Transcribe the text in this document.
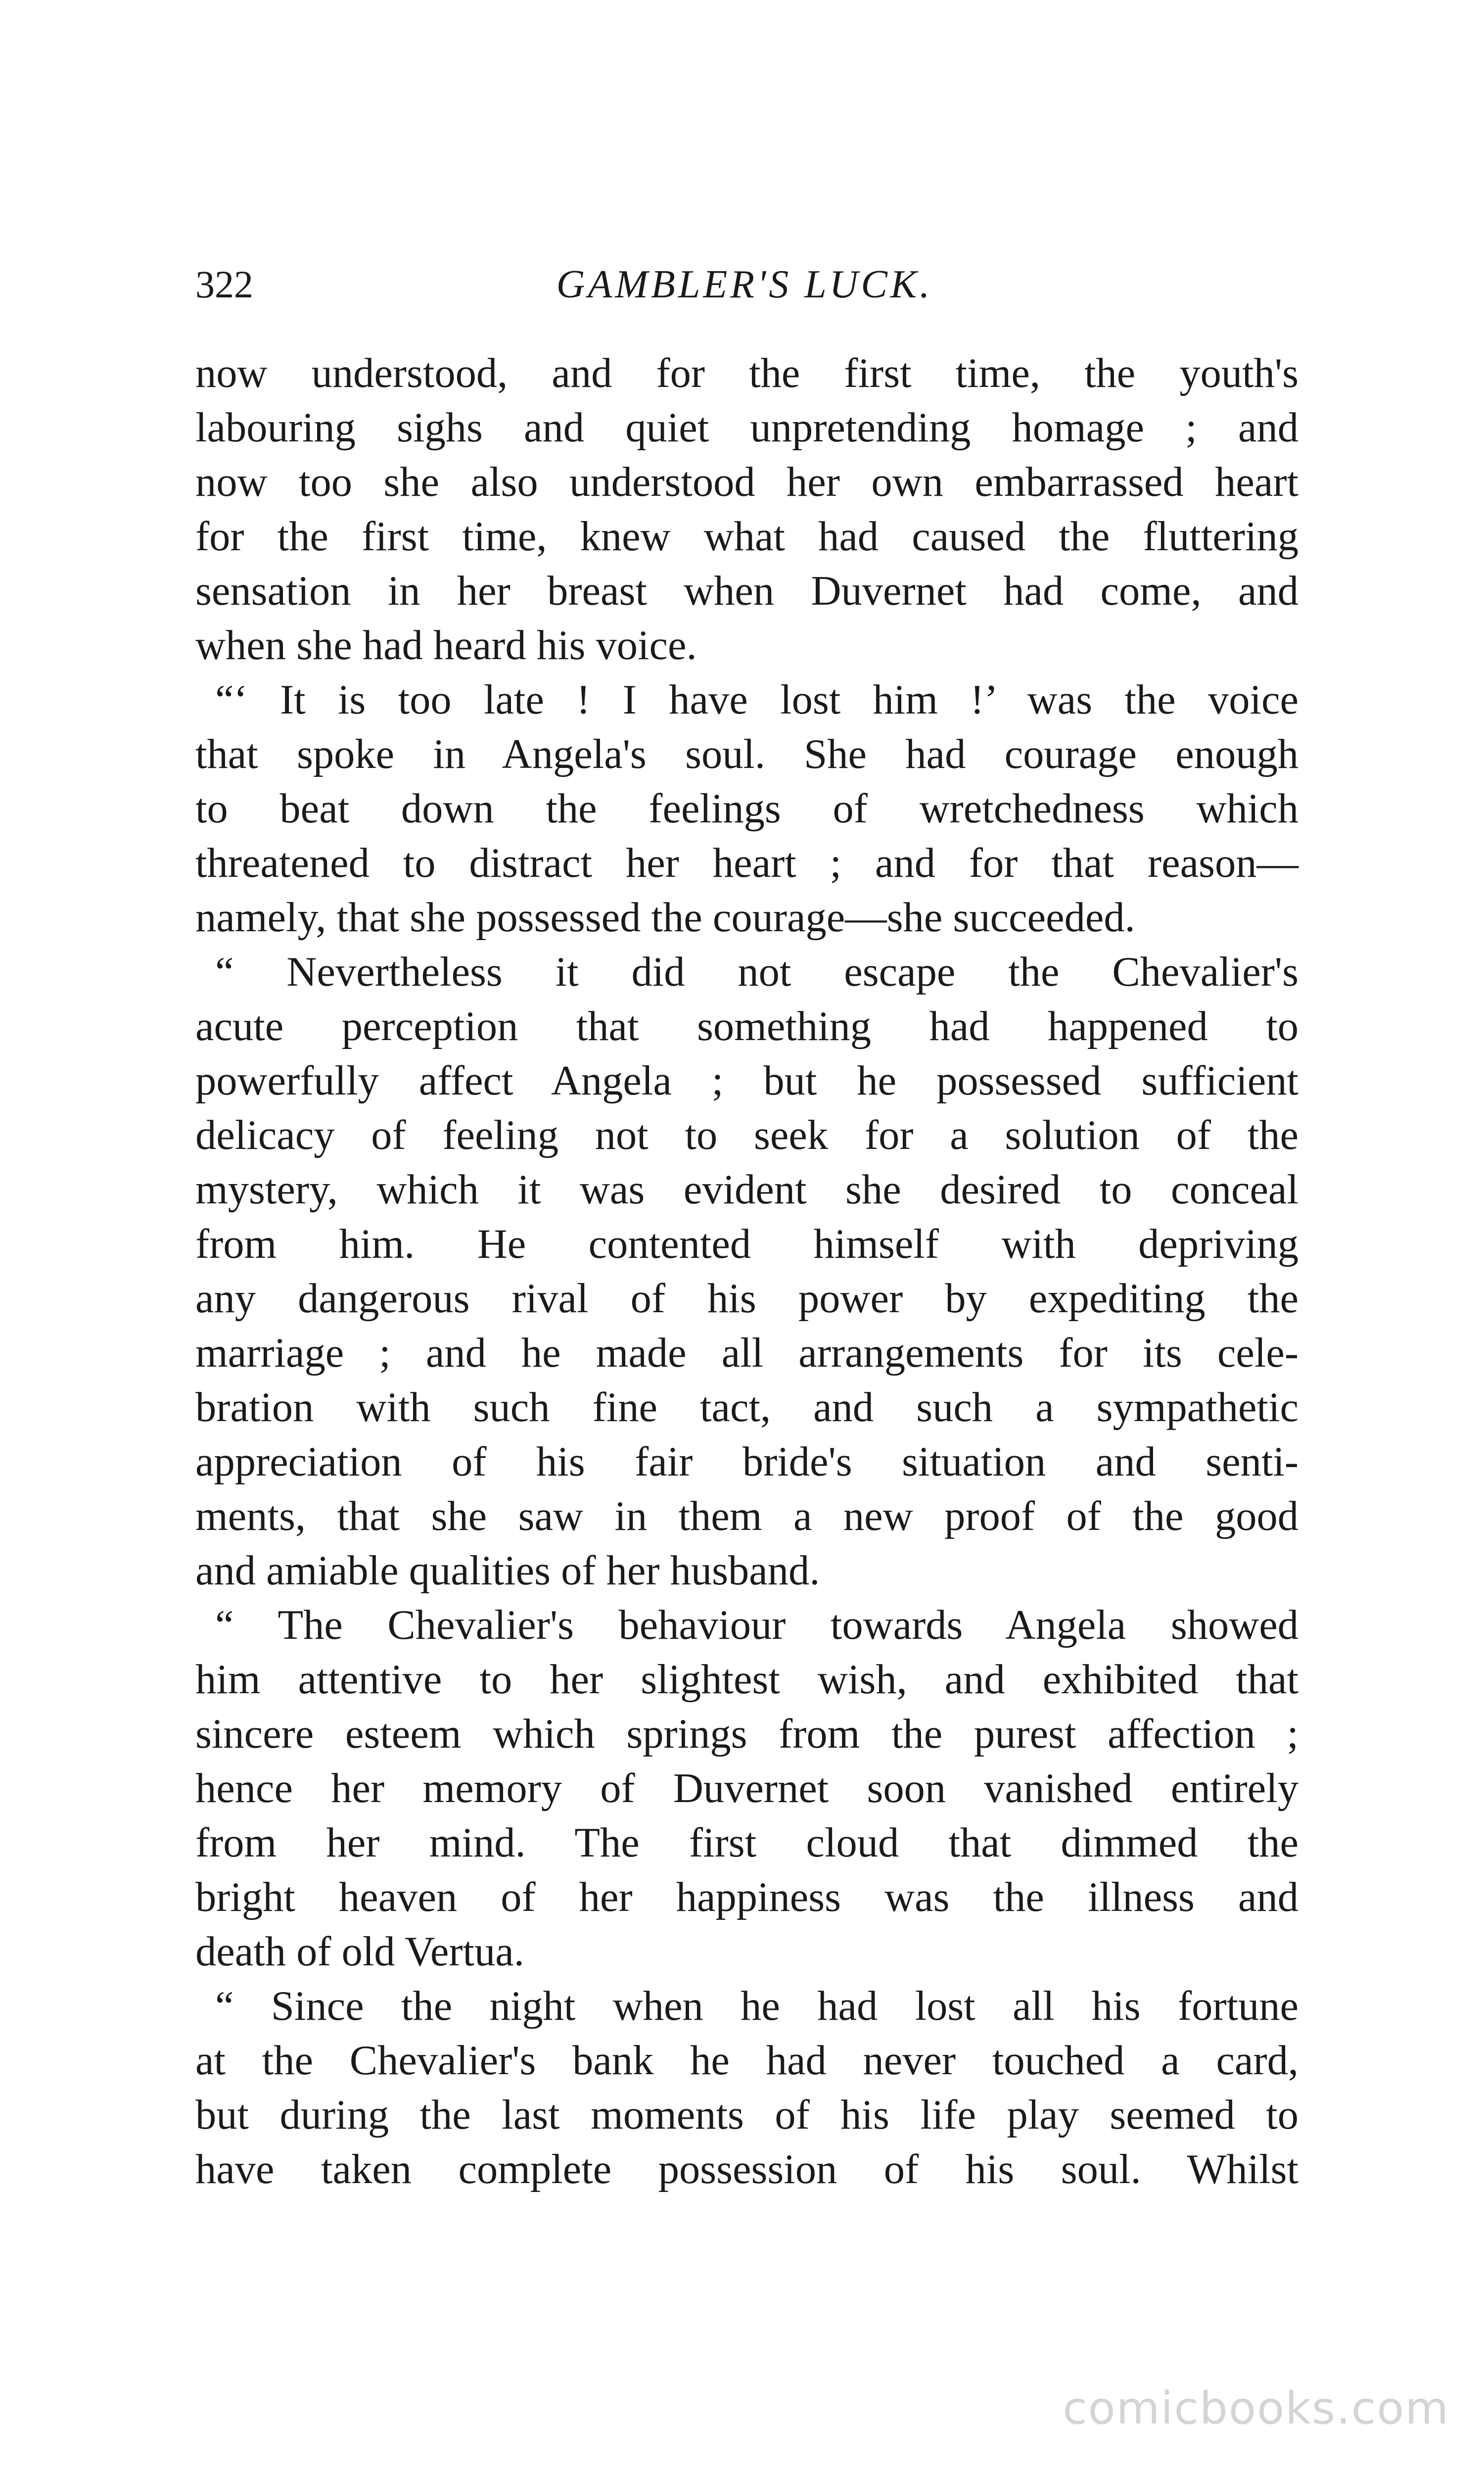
322	GAMBLER'S LUCK.
now understood, and for the first time, the youth's
labouring sighs and quiet unpretending homage ; and
now too she also understood her own embarrassed heart
for the first time, knew what had caused the fluttering
sensation in her breast when Duvernet had come, and
when she had heard his voice.
“‘ It is too late ! I have lost him !’ was the voice
that spoke in Angela's soul. She had courage enough
to beat down the feelings of wretchedness which
threatened to distract her heart ; and for that reason—
namely, that she possessed the courage—she succeeded.
“ Nevertheless it did not escape the Chevalier's
acute perception that something had happened to
powerfully affect Angela ; but he possessed sufficient
delicacy of feeling not to seek for a solution of the
mystery, which it was evident she desired to conceal
from him. He contented himself with depriving
any dangerous rival of his power by expediting the
marriage ; and he made all arrangements for its cele-
bration with such fine tact, and such a sympathetic
appreciation of his fair bride's situation and senti-
ments, that she saw in them a new proof of the good
and amiable qualities of her husband.
“ The Chevalier's behaviour towards Angela showed
him attentive to her slightest wish, and exhibited that
sincere esteem which springs from the purest affection ;
hence her memory of Duvernet soon vanished entirely
from her mind. The first cloud that dimmed the
bright heaven of her happiness was the illness and
death of old Vertua.
“ Since the night when he had lost all his fortune
at the Chevalier's bank he had never touched a card,
but during the last moments of his life play seemed to
have taken complete possession of his soul. Whilst
comicbooks.com
